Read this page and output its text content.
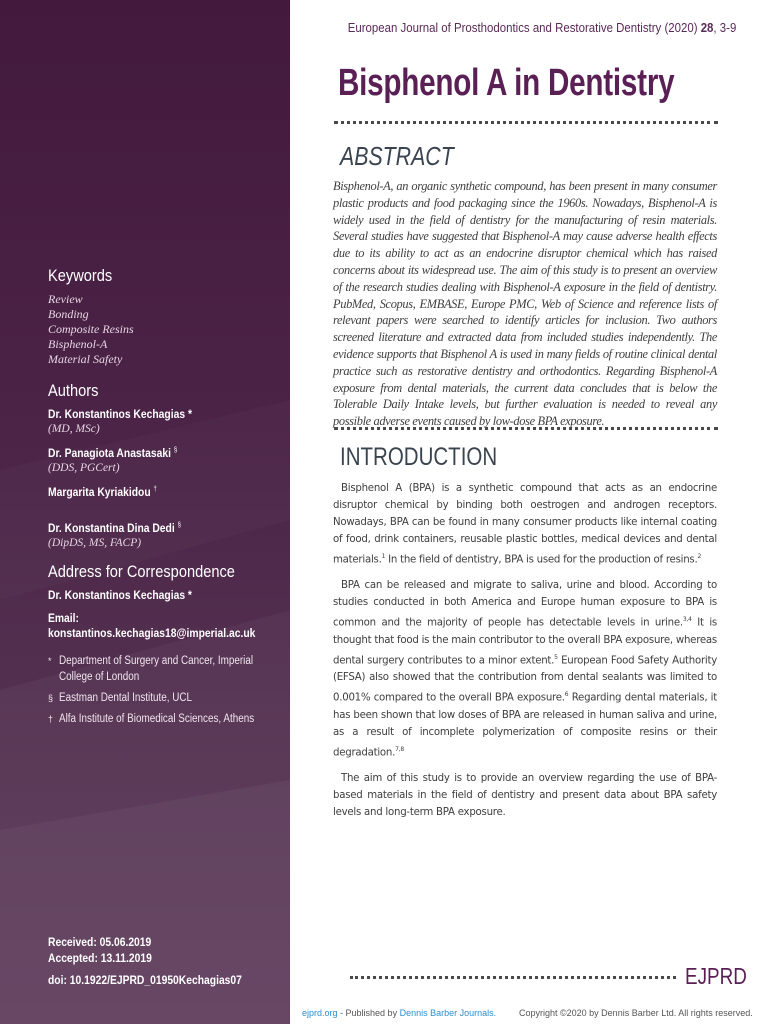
Keywords
Review
Bonding
Composite Resins
Bisphenol-A
Material Safety
Authors
Dr. Konstantinos Kechagias *
(MD, MSc)
Dr. Panagiota Anastasaki §
(DDS, PGCert)
Margarita Kyriakidou †
Dr. Konstantina Dina Dedi §
(DipDS, MS, FACP)
Address for Correspondence
Dr. Konstantinos Kechagias *
Email:
konstantinos.kechagias18@imperial.ac.uk
* Department of Surgery and Cancer, Imperial College of London
§ Eastman Dental Institute, UCL
† Alfa Institute of Biomedical Sciences, Athens
Received: 05.06.2019
Accepted: 13.11.2019
doi: 10.1922/EJPRD_01950Kechagias07
European Journal of Prosthodontics and Restorative Dentistry (2020) 28, 3-9
Bisphenol A in Dentistry
ABSTRACT

Bisphenol-A, an organic synthetic compound, has been present in many consumer plastic products and food packaging since the 1960s. Nowadays, Bisphenol-A is widely used in the field of dentistry for the manufacturing of resin materials. Several studies have suggested that Bisphenol-A may cause adverse health effects due to its ability to act as an endocrine disruptor chemical which has raised concerns about its widespread use. The aim of this study is to present an overview of the research studies dealing with Bisphenol-A exposure in the field of dentistry. PubMed, Scopus, EMBASE, Europe PMC, Web of Science and reference lists of relevant papers were searched to identify articles for inclusion. Two authors screened literature and extracted data from included studies independently. The evidence supports that Bisphenol A is used in many fields of routine clinical dental practice such as restorative dentistry and orthodontics. Regarding Bisphenol-A exposure from dental materials, the current data concludes that is below the Tolerable Daily Intake levels, but further evaluation is needed to reveal any possible adverse events caused by low-dose BPA exposure.

INTRODUCTION

Bisphenol A (BPA) is a synthetic compound that acts as an endocrine disruptor chemical by binding both oestrogen and androgen receptors. Nowadays, BPA can be found in many consumer products like internal coating of food, drink containers, reusable plastic bottles, medical devices and dental materials.$^1$ In the field of dentistry, BPA is used for the production of resins.$^2$

BPA can be released and migrate to saliva, urine and blood. According to studies conducted in both America and Europe human exposure to BPA is common and the majority of people has detectable levels in urine.$^{3,4}$ It is thought that food is the main contributor to the overall BPA exposure, whereas dental surgery contributes to a minor extent.$^5$ European Food Safety Authority (EFSA) also showed that the contribution from dental sealants was limited to 0.001% compared to the overall BPA exposure.$^6$ Regarding dental materials, it has been shown that low doses of BPA are released in human saliva and urine, as a result of incomplete polymerization of composite resins or their degradation.$^{7,8}$

The aim of this study is to provide an overview regarding the use of BPA-based materials in the field of dentistry and present data about BPA safety levels and long-term BPA exposure.

EJPRD
ejprd.org - Published by Dennis Barber Journals.	Copyright ©2020 by Dennis Barber Ltd. All rights reserved.
